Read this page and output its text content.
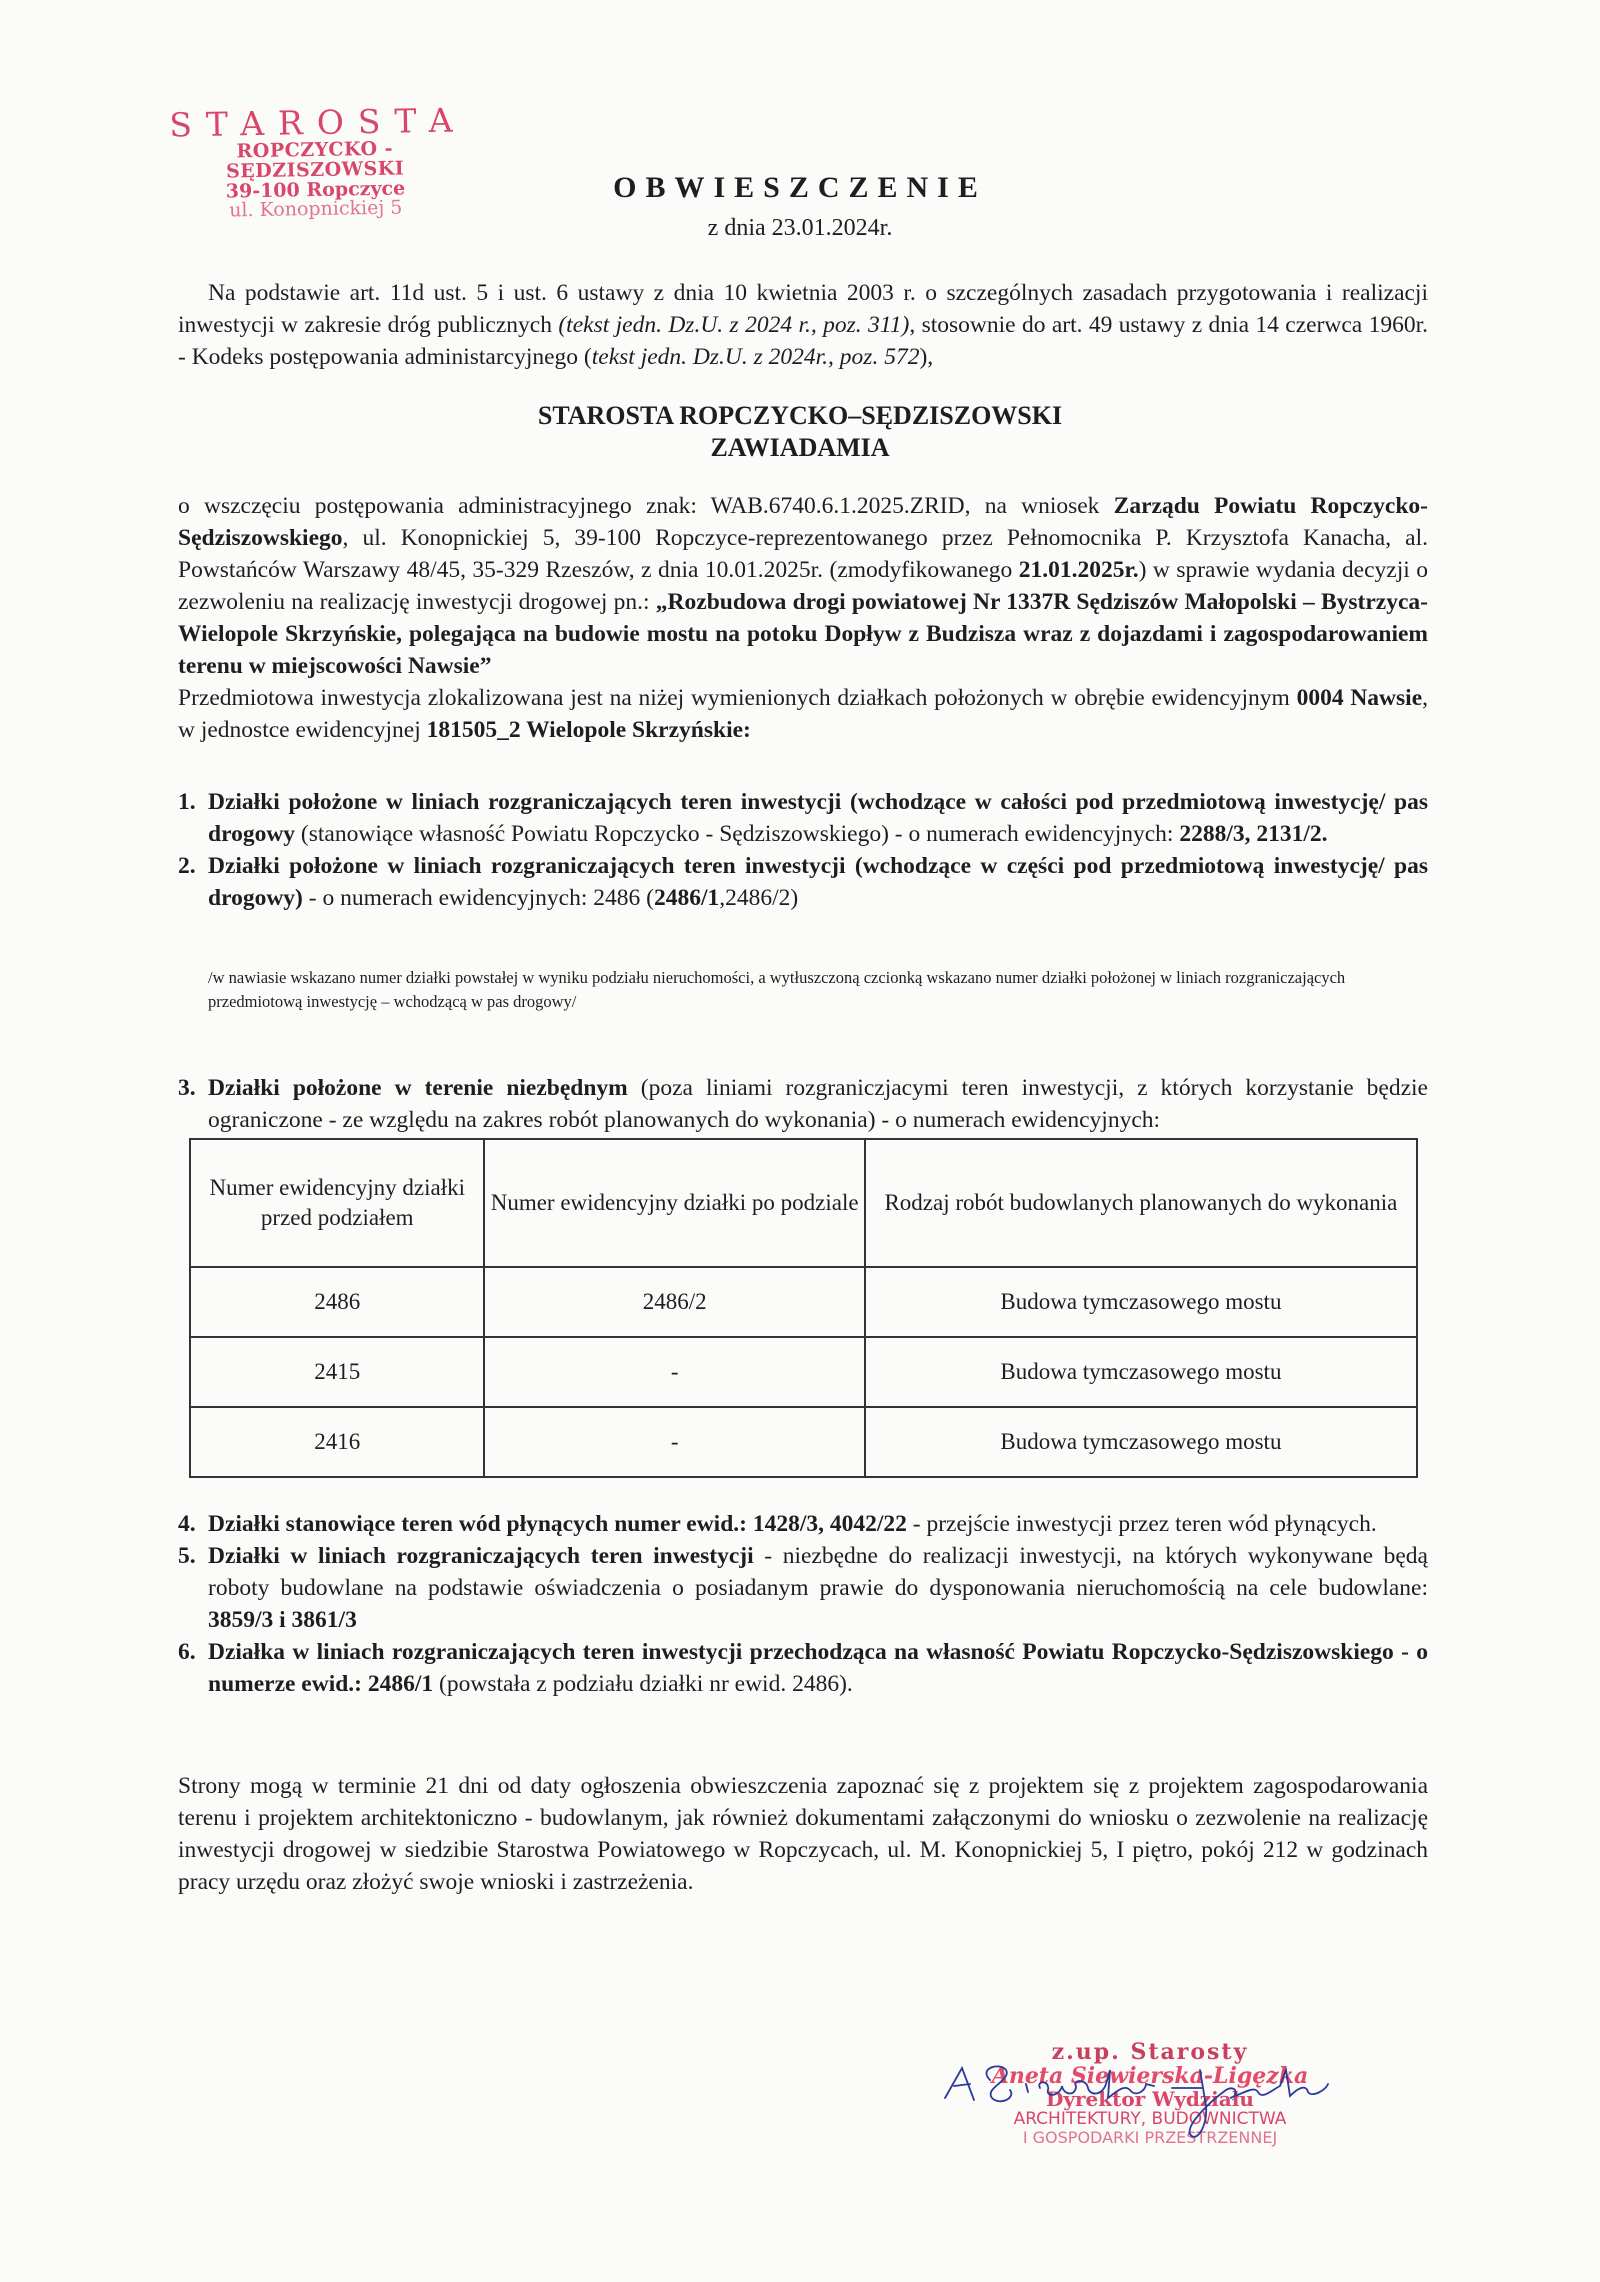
STAROSTA
ROPCZYCKO - SĘDZISZOWSKI
39-100 Ropczyce
ul. Konopnickiej 5
OBWIESZCZENIE
z dnia 23.01.2024r.
Na podstawie art. 11d ust. 5 i ust. 6 ustawy z dnia 10 kwietnia 2003 r. o szczególnych zasadach przygotowania i realizacji inwestycji w zakresie dróg publicznych (tekst jedn. Dz.U. z 2024 r., poz. 311), stosownie do art. 49 ustawy z dnia 14 czerwca 1960r. - Kodeks postępowania administarcyjnego (tekst jedn. Dz.U. z 2024r., poz. 572),
STAROSTA ROPCZYCKO–SĘDZISZOWSKI
ZAWIADAMIA
o wszczęciu postępowania administracyjnego znak: WAB.6740.6.1.2025.ZRID, na wniosek Zarządu Powiatu Ropczycko-Sędziszowskiego, ul. Konopnickiej 5, 39-100 Ropczyce-reprezentowanego przez Pełnomocnika P. Krzysztofa Kanacha, al. Powstańców Warszawy 48/45, 35-329 Rzeszów, z dnia 10.01.2025r. (zmodyfikowanego 21.01.2025r.) w sprawie wydania decyzji o zezwoleniu na realizację inwestycji drogowej pn.: „Rozbudowa drogi powiatowej Nr 1337R Sędziszów Małopolski – Bystrzyca- Wielopole Skrzyńskie, polegająca na budowie mostu na potoku Dopływ z Budzisza wraz z dojazdami i zagospodarowaniem terenu w miejscowości Nawsie”
Przedmiotowa inwestycja zlokalizowana jest na niżej wymienionych działkach położonych w obrębie ewidencyjnym 0004 Nawsie, w jednostce ewidencyjnej 181505_2 Wielopole Skrzyńskie:
1. Działki położone w liniach rozgraniczających teren inwestycji (wchodzące w całości pod przedmiotową inwestycję/ pas drogowy (stanowiące własność Powiatu Ropczycko - Sędziszowskiego) - o numerach ewidencyjnych: 2288/3, 2131/2.
2. Działki położone w liniach rozgraniczających teren inwestycji (wchodzące w części pod przedmiotową inwestycję/ pas drogowy) - o numerach ewidencyjnych: 2486 (2486/1,2486/2)
/w nawiasie wskazano numer działki powstałej w wyniku podziału nieruchomości, a wytłuszczoną czcionką wskazano numer działki położonej w liniach rozgraniczających przedmiotową inwestycję – wchodzącą w pas drogowy/
3. Działki położone w terenie niezbędnym (poza liniami rozgraniczjacymi teren inwestycji, z których korzystanie będzie ograniczone - ze względu na zakres robót planowanych do wykonania) - o numerach ewidencyjnych:
Numer ewidencyjny działki przed podziałem	Numer ewidencyjny działki po podziale	Rodzaj robót budowlanych planowanych do wykonania
2486	2486/2	Budowa tymczasowego mostu
2415	-	Budowa tymczasowego mostu
2416	-	Budowa tymczasowego mostu
4. Działki stanowiące teren wód płynących numer ewid.: 1428/3, 4042/22 - przejście inwestycji przez teren wód płynących.
5. Działki w liniach rozgraniczających teren inwestycji - niezbędne do realizacji inwestycji, na których wykonywane będą roboty budowlane na podstawie oświadczenia o posiadanym prawie do dysponowania nieruchomością na cele budowlane: 3859/3 i 3861/3
6. Działka w liniach rozgraniczających teren inwestycji przechodząca na własność Powiatu Ropczycko-Sędziszowskiego - o numerze ewid.: 2486/1 (powstała z podziału działki nr ewid. 2486).
Strony mogą w terminie 21 dni od daty ogłoszenia obwieszczenia zapoznać się z projektem się z projektem zagospodarowania terenu i projektem architektoniczno - budowlanym, jak również dokumentami załączonymi do wniosku o zezwolenie na realizację inwestycji drogowej w siedzibie Starostwa Powiatowego w Ropczycach, ul. M. Konopnickiej 5, I piętro, pokój 212 w godzinach pracy urzędu oraz złożyć swoje wnioski i zastrzeżenia.
z.up. Starosty
Aneta Siewierska-Ligęzka
Dyrektor Wydziału
ARCHITEKTURY, BUDOWNICTWA
I GOSPODARKI PRZESTRZENNEJ
